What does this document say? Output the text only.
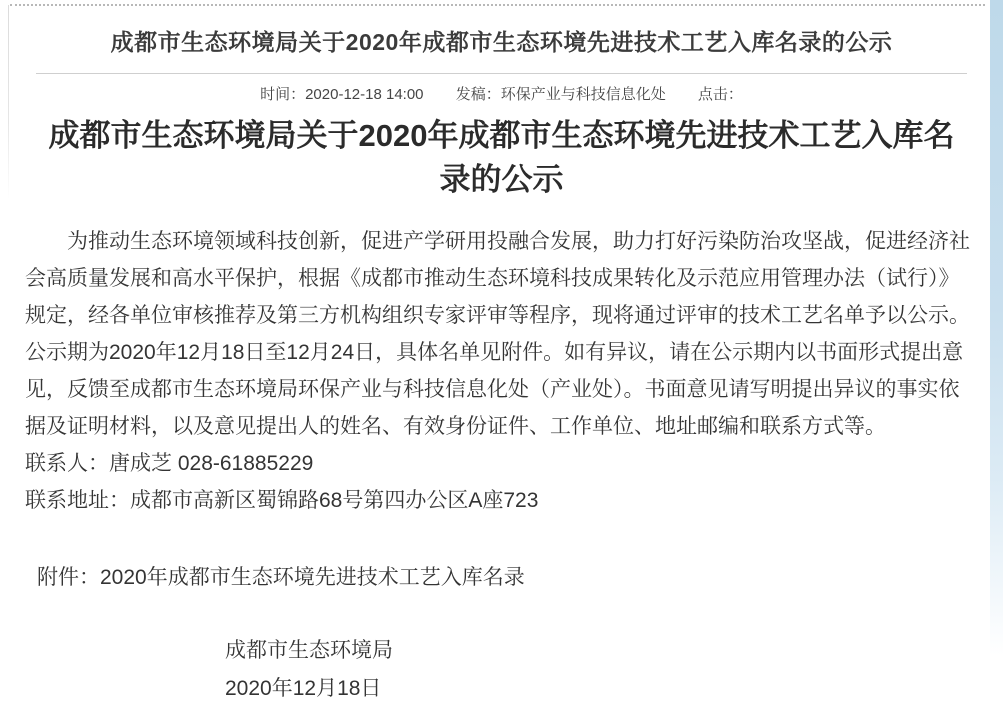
成都市生态环境局关于2020年成都市生态环境先进技术工艺入库名录的公示
时间：2020-12-18 14:00 发稿：环保产业与科技信息化处 点击：
成都市生态环境局关于2020年成都市生态环境先进技术工艺入库名录的公示

为推动生态环境领域科技创新，促进产学研用投融合发展，助力打好污染防治攻坚战，促进经济社会高质量发展和高水平保护，根据《成都市推动生态环境科技成果转化及示范应用管理办法（试行）》规定，经各单位审核推荐及第三方机构组织专家评审等程序，现将通过评审的技术工艺名单予以公示。公示期为2020年12月18日至12月24日，具体名单见附件。如有异议，请在公示期内以书面形式提出意见，反馈至成都市生态环境局环保产业与科技信息化处（产业处）。书面意见请写明提出异议的事实依据及证明材料，以及意见提出人的姓名、有效身份证件、工作单位、地址邮编和联系方式等。

联系人：唐成芝 028-61885229

联系地址：成都市高新区蜀锦路68号第四办公区A座723

附件：2020年成都市生态环境先进技术工艺入库名录

成都市生态环境局
2020年12月18日
